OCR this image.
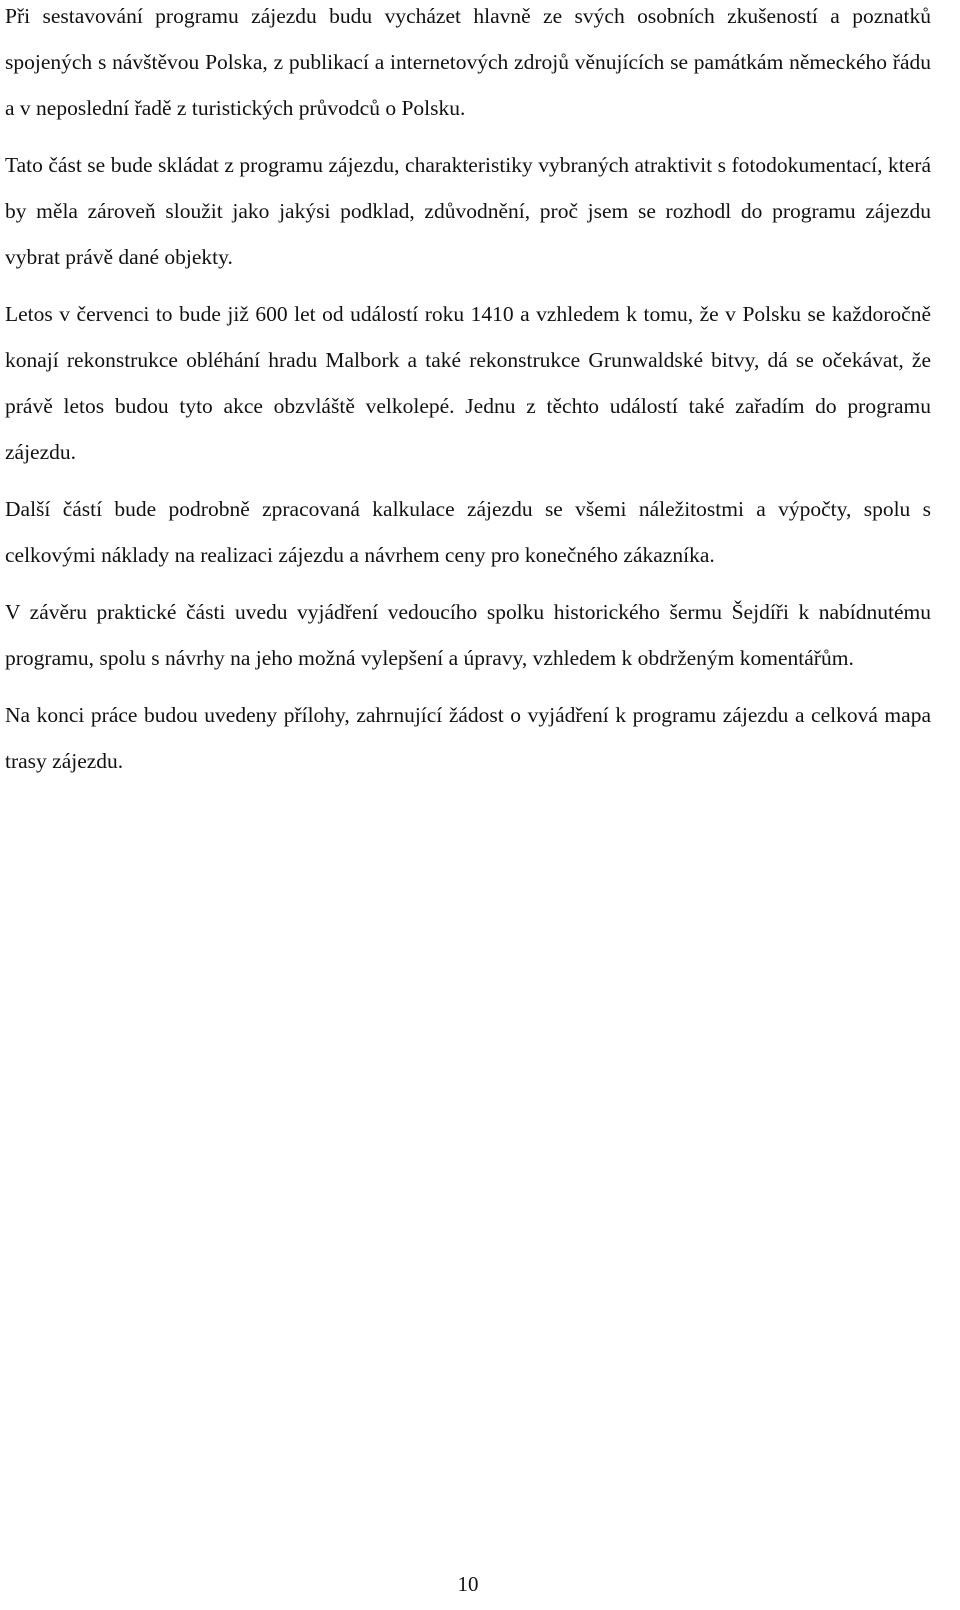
Při sestavování programu zájezdu budu vycházet hlavně ze svých osobních zkušeností a poznatků spojených s návštěvou Polska, z publikací a internetových zdrojů věnujících se památkám německého řádu a v neposlední řadě z turistických průvodců o Polsku.

Tato část se bude skládat z programu zájezdu, charakteristiky vybraných atraktivit s fotodokumentací, která by měla zároveň sloužit jako jakýsi podklad, zdůvodnění, proč jsem se rozhodl do programu zájezdu vybrat právě dané objekty.

Letos v červenci to bude již 600 let od událostí roku 1410 a vzhledem k tomu, že v Polsku se každoročně konají rekonstrukce obléhání hradu Malbork a také rekonstrukce Grunwaldské bitvy, dá se očekávat, že právě letos budou tyto akce obzvláště velkolepé. Jednu z těchto událostí také zařadím do programu zájezdu.

Další částí bude podrobně zpracovaná kalkulace zájezdu se všemi náležitostmi a výpočty, spolu s celkovými náklady na realizaci zájezdu a návrhem ceny pro konečného zákazníka.

V závěru praktické části uvedu vyjádření vedoucího spolku historického šermu Šejdíři k nabídnutému programu, spolu s návrhy na jeho možná vylepšení a úpravy, vzhledem k obdrženým komentářům.

Na konci práce budou uvedeny přílohy, zahrnující žádost o vyjádření k programu zájezdu a celková mapa trasy zájezdu.

10
